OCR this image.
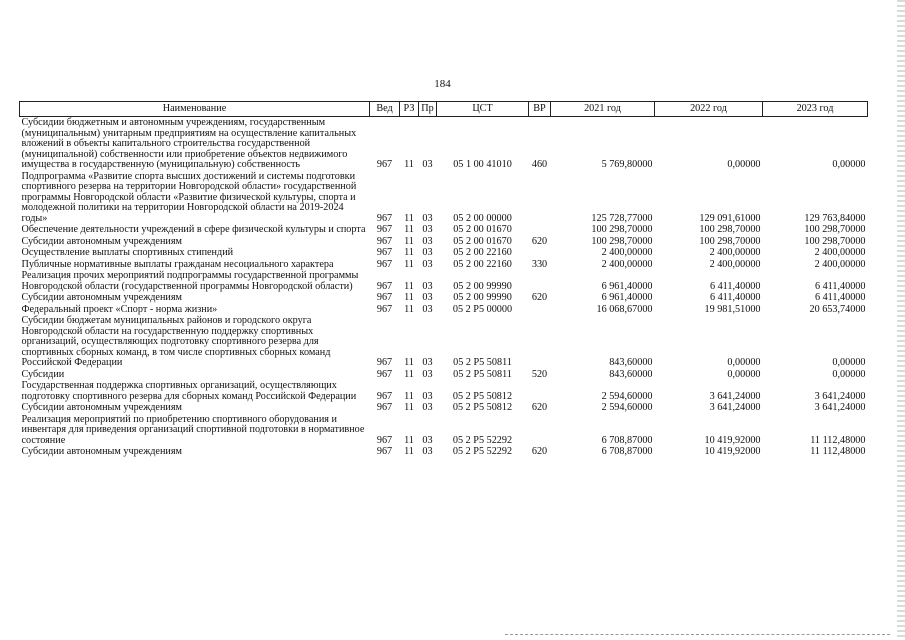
184
Наименование	Вед	РЗ	Пр	ЦСТ	ВР	2021 год	2022 год	2023 год
Субсидии бюджетным и автономным учреждениям, государственным (муниципальным) унитарным предприятиям на осуществление капитальных вложений в объекты капитального строительства государственной (муниципальной) собственности или приобретение объектов недвижимого имущества в государственную (муниципальную) собственность	967	11	03	05 1 00 41010	460	5 769,80000	0,00000	0,00000
Подпрограмма «Развитие спорта высших достижений и системы подготовки спортивного резерва на территории Новгородской области» государственной программы Новгородской области «Развитие физической культуры, спорта и молодежной политики на территории Новгородской области на 2019-2024 годы»	967	11	03	05 2 00 00000		125 728,77000	129 091,61000	129 763,84000
Обеспечение деятельности учреждений в сфере физической культуры и спорта	967	11	03	05 2 00 01670		100 298,70000	100 298,70000	100 298,70000
Субсидии автономным учреждениям	967	11	03	05 2 00 01670	620	100 298,70000	100 298,70000	100 298,70000
Осуществление выплаты спортивных стипендий	967	11	03	05 2 00 22160		2 400,00000	2 400,00000	2 400,00000
Публичные нормативные выплаты гражданам несоциального характера	967	11	03	05 2 00 22160	330	2 400,00000	2 400,00000	2 400,00000
Реализация прочих мероприятий подпрограммы государственной программы Новгородской области (государственной программы Новгородской области)	967	11	03	05 2 00 99990		6 961,40000	6 411,40000	6 411,40000
Субсидии автономным учреждениям	967	11	03	05 2 00 99990	620	6 961,40000	6 411,40000	6 411,40000
Федеральный проект «Спорт - норма жизни»	967	11	03	05 2 P5 00000		16 068,67000	19 981,51000	20 653,74000
Субсидии бюджетам муниципальных районов и городского округа Новгородской области на государственную поддержку спортивных организаций, осуществляющих подготовку спортивного резерва для спортивных сборных команд, в том числе спортивных сборных команд Российской Федерации	967	11	03	05 2 P5 50811		843,60000	0,00000	0,00000
Субсидии	967	11	03	05 2 P5 50811	520	843,60000	0,00000	0,00000
Государственная поддержка спортивных организаций, осуществляющих подготовку спортивного резерва для сборных команд Российской Федерации	967	11	03	05 2 P5 50812		2 594,60000	3 641,24000	3 641,24000
Субсидии автономным учреждениям	967	11	03	05 2 P5 50812	620	2 594,60000	3 641,24000	3 641,24000
Реализация мероприятий по приобретению спортивного оборудования и инвентаря для приведения организаций спортивной подготовки в нормативное состояние	967	11	03	05 2 P5 52292		6 708,87000	10 419,92000	11 112,48000
Субсидии автономным учреждениям	967	11	03	05 2 P5 52292	620	6 708,87000	10 419,92000	11 112,48000
